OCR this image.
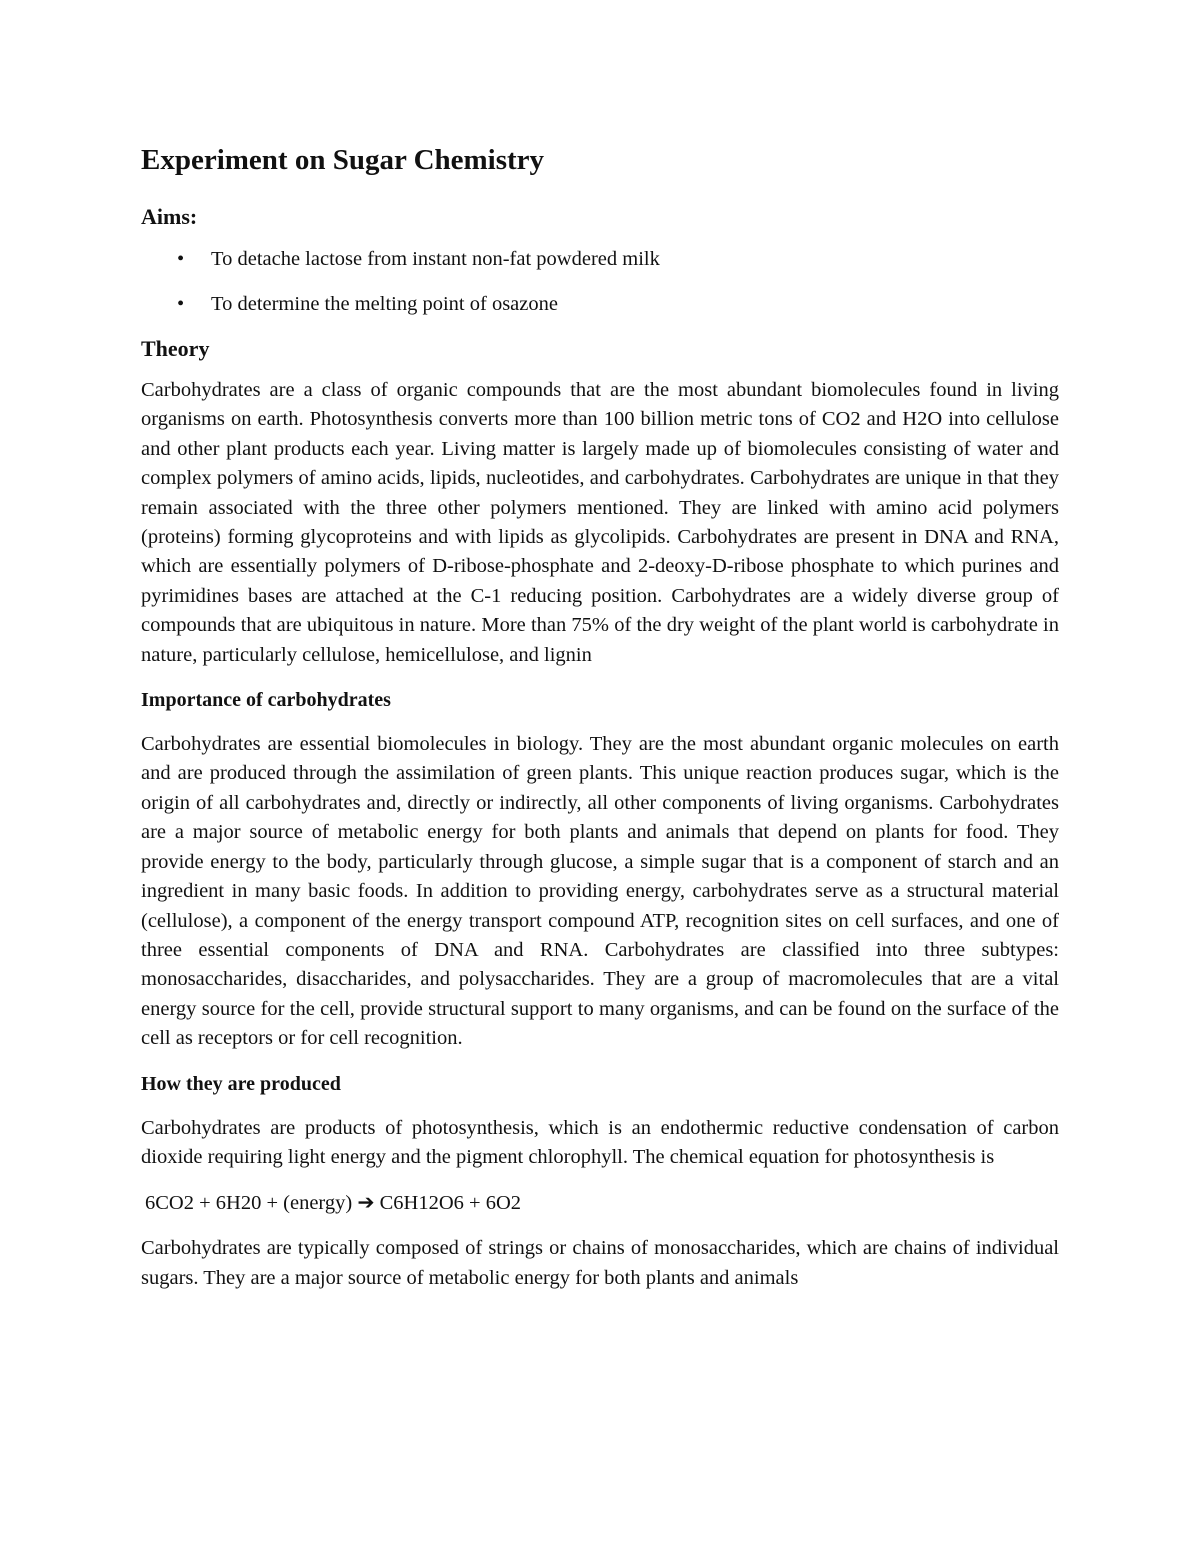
Experiment on Sugar Chemistry
Aims:
• To detache lactose from instant non-fat powdered milk
• To determine the melting point of osazone
Theory

Carbohydrates are a class of organic compounds that are the most abundant biomolecules found in living organisms on earth. Photosynthesis converts more than 100 billion metric tons of CO2 and H2O into cellulose and other plant products each year. Living matter is largely made up of biomolecules consisting of water and complex polymers of amino acids, lipids, nucleotides, and carbohydrates. Carbohydrates are unique in that they remain associated with the three other polymers mentioned. They are linked with amino acid polymers (proteins) forming glycoproteins and with lipids as glycolipids. Carbohydrates are present in DNA and RNA, which are essentially polymers of D-ribose-phosphate and 2-deoxy-D-ribose phosphate to which purines and pyrimidines bases are attached at the C-1 reducing position. Carbohydrates are a widely diverse group of compounds that are ubiquitous in nature. More than 75% of the dry weight of the plant world is carbohydrate in nature, particularly cellulose, hemicellulose, and lignin

Importance of carbohydrates

Carbohydrates are essential biomolecules in biology. They are the most abundant organic molecules on earth and are produced through the assimilation of green plants. This unique reaction produces sugar, which is the origin of all carbohydrates and, directly or indirectly, all other components of living organisms. Carbohydrates are a major source of metabolic energy for both plants and animals that depend on plants for food. They provide energy to the body, particularly through glucose, a simple sugar that is a component of starch and an ingredient in many basic foods. In addition to providing energy, carbohydrates serve as a structural material (cellulose), a component of the energy transport compound ATP, recognition sites on cell surfaces, and one of three essential components of DNA and RNA. Carbohydrates are classified into three subtypes: monosaccharides, disaccharides, and polysaccharides. They are a group of macromolecules that are a vital energy source for the cell, provide structural support to many organisms, and can be found on the surface of the cell as receptors or for cell recognition.

How they are produced

Carbohydrates are products of photosynthesis, which is an endothermic reductive condensation of carbon dioxide requiring light energy and the pigment chlorophyll. The chemical equation for photosynthesis is

6CO2 + 6H20 + (energy) ➔ C6H12O6 + 6O2

Carbohydrates are typically composed of strings or chains of monosaccharides, which are chains of individual sugars. They are a major source of metabolic energy for both plants and animals
